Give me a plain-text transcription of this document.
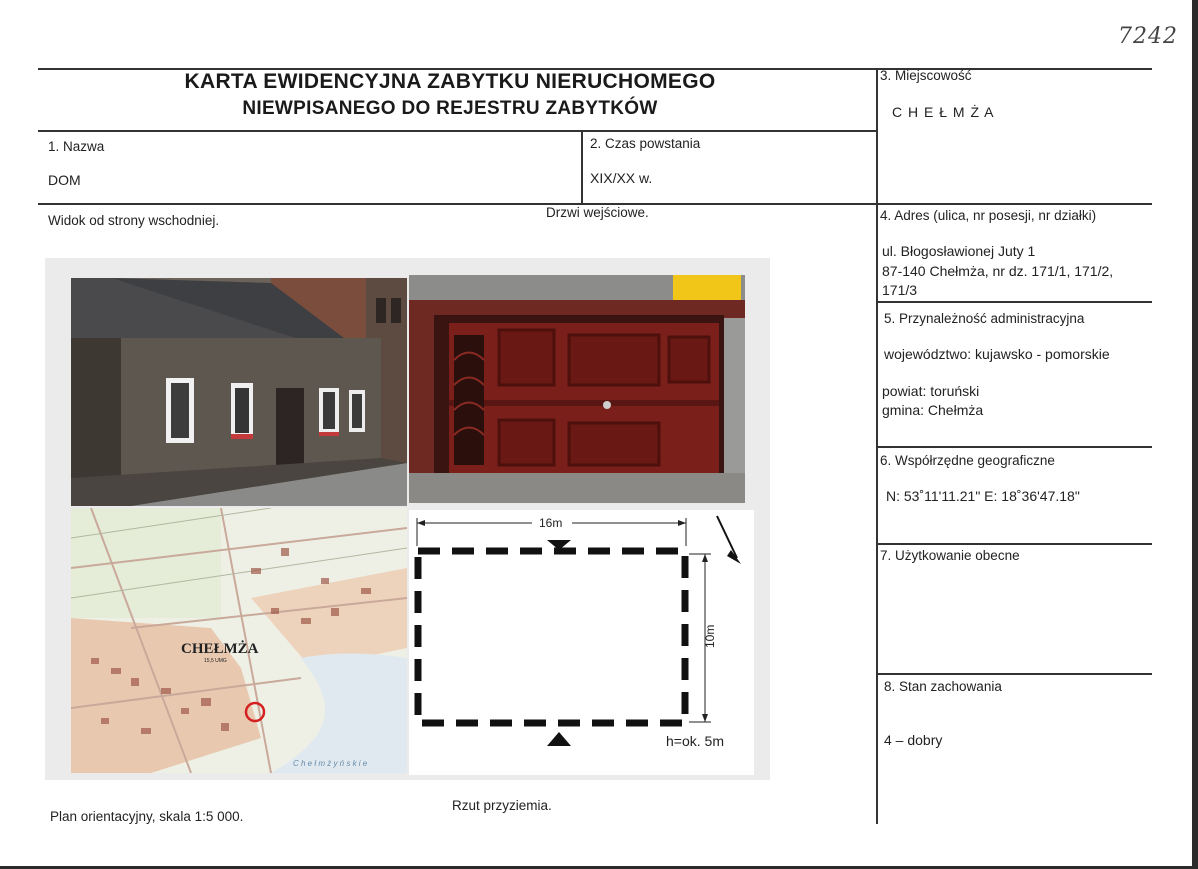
7242
KARTA EWIDENCYJNA ZABYTKU NIERUCHOMEGO
NIEWPISANEGO DO REJESTRU ZABYTKÓW
1. Nazwa
DOM
2. Czas powstania
XIX/XX w.
3. Miejscowość
C H E Ł M Ż A
4. Adres (ulica, nr posesji, nr działki)
ul. Błogosławionej Juty 1
87-140 Chełmża, nr dz. 171/1, 171/2,
171/3
5. Przynależność administracyjna
województwo: kujawsko - pomorskie
powiat: toruński
gmina: Chełmża
6. Współrzędne geograficzne
N: 53˚11'11.21" E: 18˚36'47.18"
7. Użytkowanie obecne
8. Stan zachowania
4 – dobry
Widok od strony wschodniej.
Drzwi wejściowe.
Plan orientacyjny, skala 1:5 000.
Rzut przyziemia.
CHEŁMŻA
15,5 UMG
C h e ł m ż y ń s k i e
16m
10m
h=ok. 5m
